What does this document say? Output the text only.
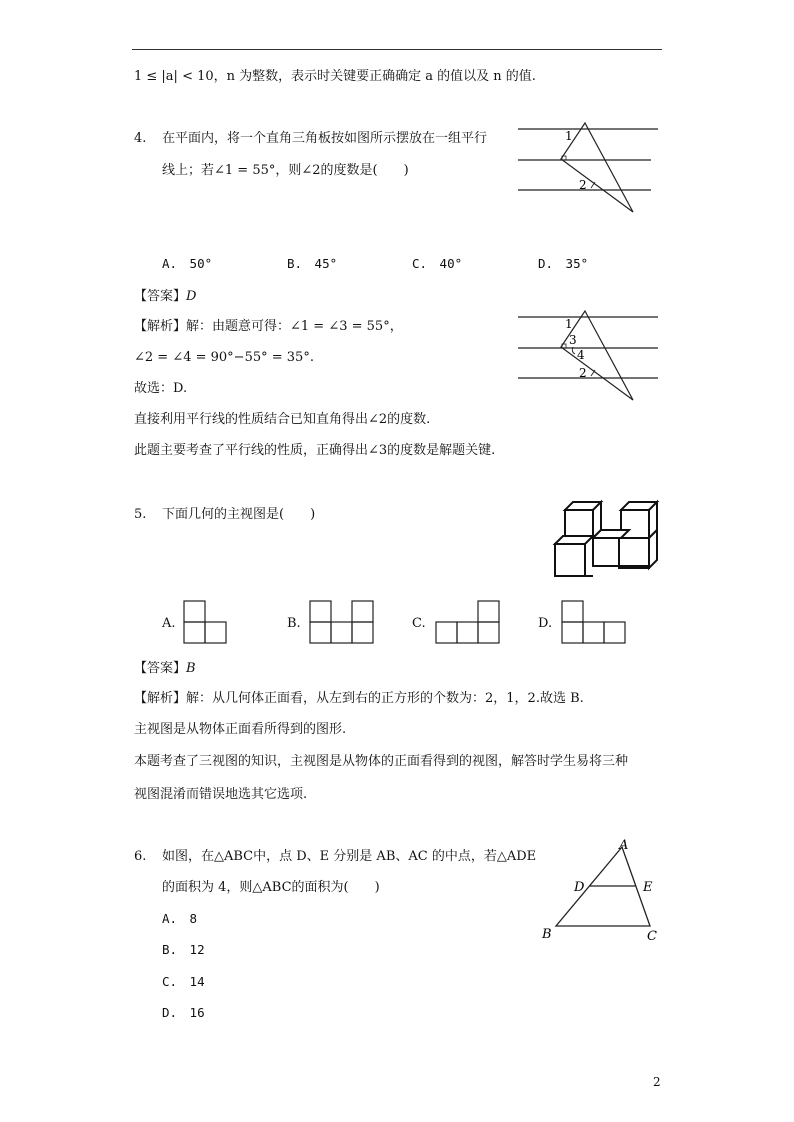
1 ≤ |a| < 10，n 为整数，表示时关键要正确确定 a 的值以及 n 的值.
4. 在平面内，将一个直角三角板按如图所示摆放在一组平行
线上；若∠1 = 55°，则∠2的度数是(　　)
1
2
A.　50°	B.　45°	C.　40°	D.　35°
【答案】D
【解析】解：由题意可得：∠1 = ∠3 = 55°，
∠2 = ∠4 = 90°−55° = 35°.
故选：D.
直接利用平行线的性质结合已知直角得出∠2的度数.
此题主要考查了平行线的性质，正确得出∠3的度数是解题关键.
1
3
4
2
5. 下面几何的主视图是(　　)
A.	B.	C.	D.
【答案】B
【解析】解：从几何体正面看，从左到右的正方形的个数为：2，1，2.故选 B.
主视图是从物体正面看所得到的图形.
本题考查了三视图的知识，主视图是从物体的正面看得到的视图，解答时学生易将三种
视图混淆而错误地选其它选项.
6. 如图，在△ABC中，点 D、E 分别是 AB、AC 的中点，若△ADE
的面积为 4，则△ABC的面积为(　　)
A
D	E
B	C
A.　8
B.　12
C.　14
D.　16
2
